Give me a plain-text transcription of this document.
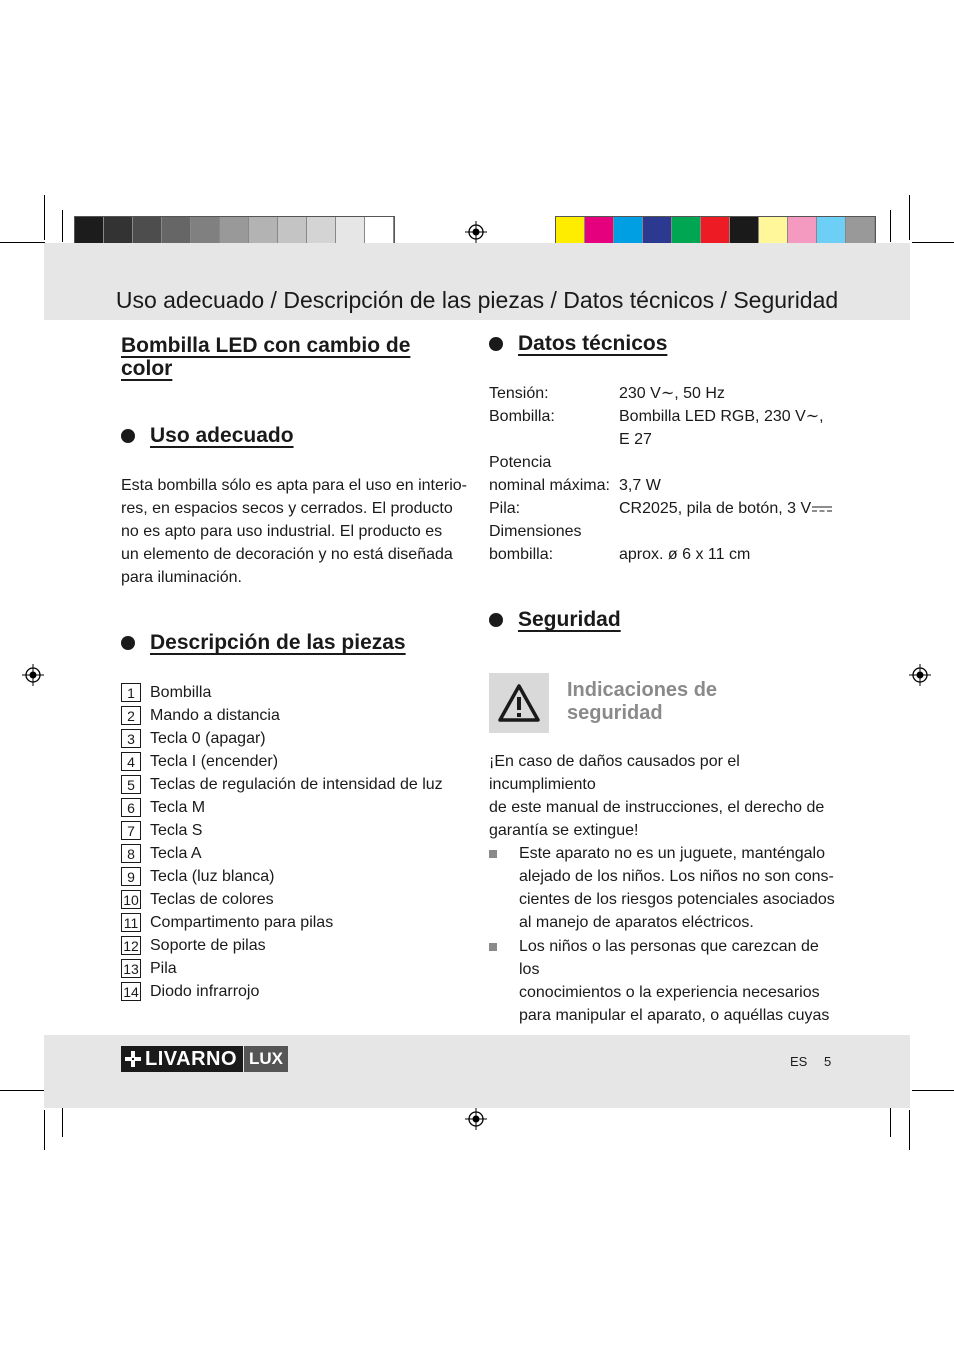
Uso adecuado / Descripción de las piezas / Datos técnicos / Seguridad
Bombilla LED con cambio de color
Uso adecuado
Esta bombilla sólo es apta para el uso en interio-
res, en espacios secos y cerrados. El producto
no es apto para uso industrial. El producto es
un elemento de decoración y no está diseñada
para iluminación.
Descripción de las piezas
1 Bombilla
2 Mando a distancia
3 Tecla 0 (apagar)
4 Tecla I (encender)
5 Teclas de regulación de intensidad de luz
6 Tecla M
7 Tecla S
8 Tecla A
9 Tecla (luz blanca)
10 Teclas de colores
11 Compartimento para pilas
12 Soporte de pilas
13 Pila
14 Diodo infrarrojo
Datos técnicos
Tensión:	230 V∼, 50 Hz
Bombilla:	Bombilla LED RGB, 230 V∼,
E 27
Potencia
nominal máxima: 3,7 W
Pila:	CR2025, pila de botón, 3 V
Dimensiones
bombilla:	aprox. ø 6 x 11 cm
Seguridad
Indicaciones de
seguridad
¡En caso de daños causados por el incumplimiento
de este manual de instrucciones, el derecho de
garantía se extingue!
Este aparato no es un juguete, manténgalo
alejado de los niños. Los niños no son cons-
cientes de los riesgos potenciales asociados
al manejo de aparatos eléctricos.
Los niños o las personas que carezcan de los
conocimientos o la experiencia necesarios
para manipular el aparato, o aquéllas cuyas
LIVARNO LUX	ES 5
